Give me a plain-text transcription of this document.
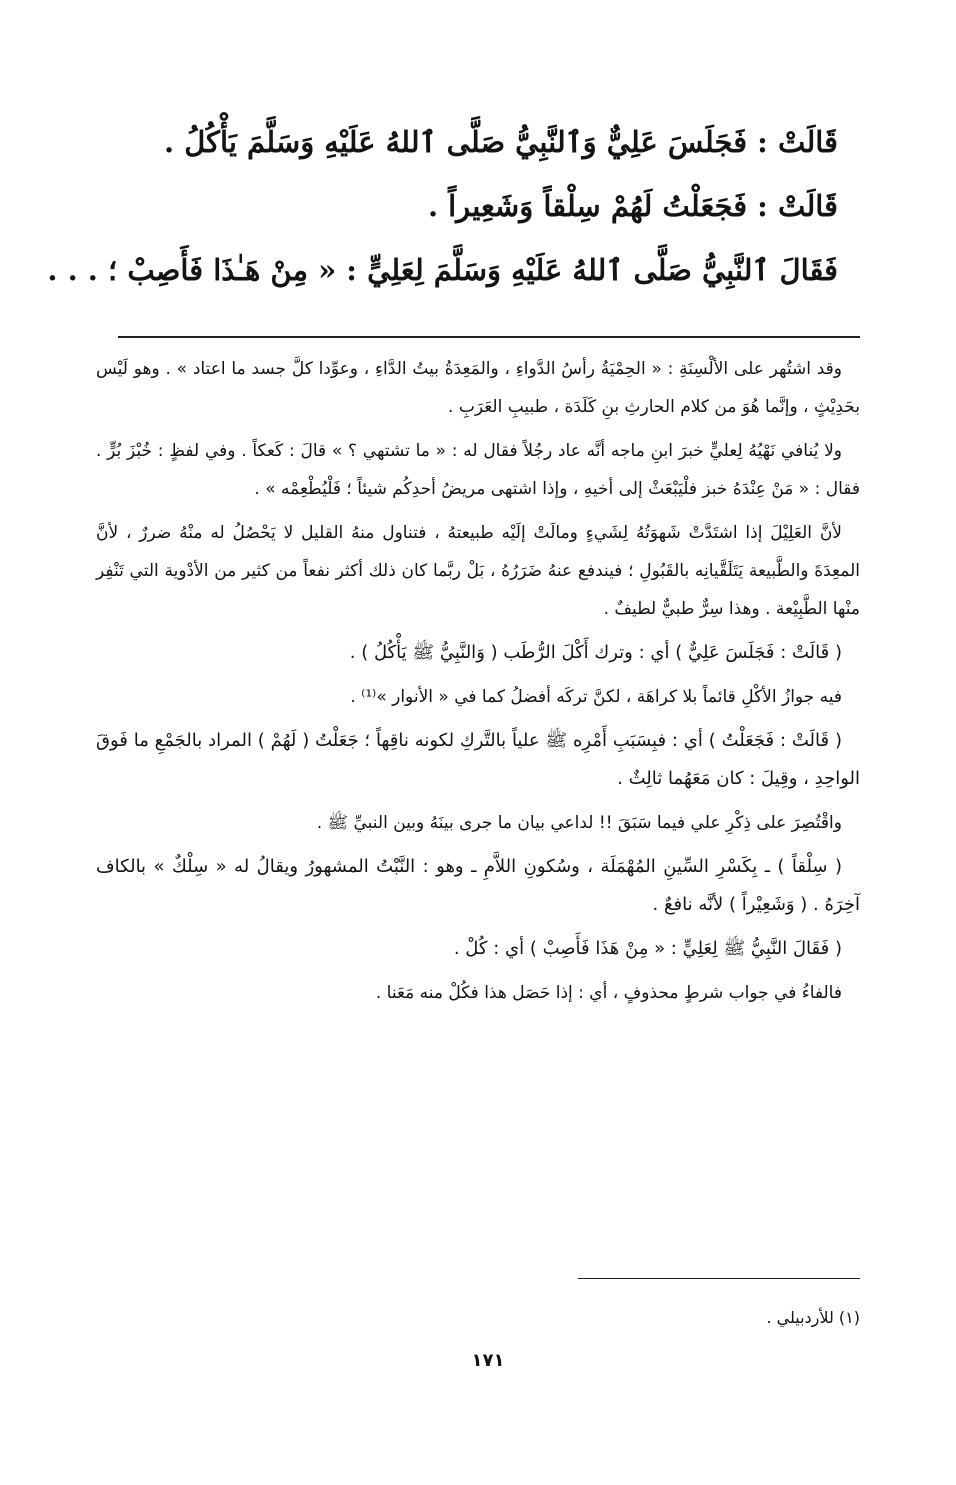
قَالَتْ : فَجَلَسَ عَلِيٌّ وَٱلنَّبِيُّ صَلَّى ٱللهُ عَلَيْهِ وَسَلَّمَ يَأْكُلُ .
قَالَتْ : فَجَعَلْتُ لَهُمْ سِلْقاً وَشَعِيراً .
فَقَالَ ٱلنَّبِيُّ صَلَّى ٱللهُ عَلَيْهِ وَسَلَّمَ لِعَلِيٍّ : « مِنْ هَـٰذَا فَأَصِبْ ؛ . . .

وقد اشتُهر على الألْسِنَةِ : « الحِمْيَةُ رأسُ الدَّواءِ ، والمَعِدَةُ بيتُ الدَّاءِ ، وعوِّدا كلَّ جسد ما اعتاد » . وهو لَيْس بحَدِيْثٍ ، وإنَّما هُوَ من كلام الحارثِ بنِ كَلَدَة ، طبيبِ العَرَبِ .

ولا يُنافي نَهْيُهُ لِعليٍّ خبرَ ابنِ ماجه أنَّه عاد رجُلاً فقال له : « ما تشتهي ؟ » قالَ : كَعكاً . وفي لفظٍ : خُبْزَ بُرٍّ . فقال : « مَنْ عِنْدَهُ خبز فلْيَبْعَثْ إلى أخيهِ ، وإذا اشتهى مريضُ أحدِكُم شيئاً ؛ فَلْيُطْعِمْه » .

لأنَّ العَلِيْلَ إذا اشتَدَّتْ شَهوَتُهُ لِشَيءٍ ومالَتْ إلَيْه طبيعتهُ ، فتناول منهُ القليل لا يَحْصُلُ له منْهُ ضررٌ ، لأنَّ المعِدَةَ والطَّبيعة يَتَلَقَّيانِه بالقَبُولِ ؛ فيندفع عنهُ ضَرَرُهُ ، بَلْ ربَّما كان ذلك أكثر نفعاً من كثير من الأدْوية التي تَنْفِر منْها الطَّبِيْعة . وهذا سِرٌّ طبيٌّ لطيفٌ .

( قَالَتْ : فَجَلَسَ عَلِيٌّ ) أي : وترك أَكْلَ الرُّطَب ( وَالنَّبِيُّ ﷺ يَأْكُلُ ) .

فيه جوازُ الأكْلِ قائماً بلا كراهَة ، لكنَّ تركَه أفضلُ كما في « الأنوار »⁽¹⁾ .

( قَالَتْ : فَجَعَلْتُ ) أي : فبِسَبَبِ أَمْرِه ﷺ علياً بالتَّركِ لكونه ناقِهاً ؛ جَعَلْتُ ( لَهُمْ ) المراد بالجَمْعِ ما فَوقَ الواحِدِ ، وقِيلَ : كان مَعَهُما ثالِثٌ .

واقْتُصِرَ على ذِكْرِ علي فيما سَبَقَ !! لداعي بيان ما جرى بينَهُ وبين النبيِّ ﷺ .

( سِلْقاً ) ـ بِكَسْرِ السِّينِ المُهْمَلَة ، وسُكونِ اللاَّمِ ـ وهو : النَّبْتُ المشهورُ ويقالُ له « سِلْكٌ » بالكاف آخِرَهُ . ( وَشَعِيْراً ) لأنَّه نافعٌ .

( فَقَالَ النَّبِيُّ ﷺ لِعَلِيٍّ : « مِنْ هَذَا فَأَصِبْ ) أي : كُلْ .

فالفاءُ في جواب شرطٍ محذوفٍ ، أي : إذا حَصَل هذا فكُلْ منه مَعَنا .

(١) للأردبيلي .
١٧١
